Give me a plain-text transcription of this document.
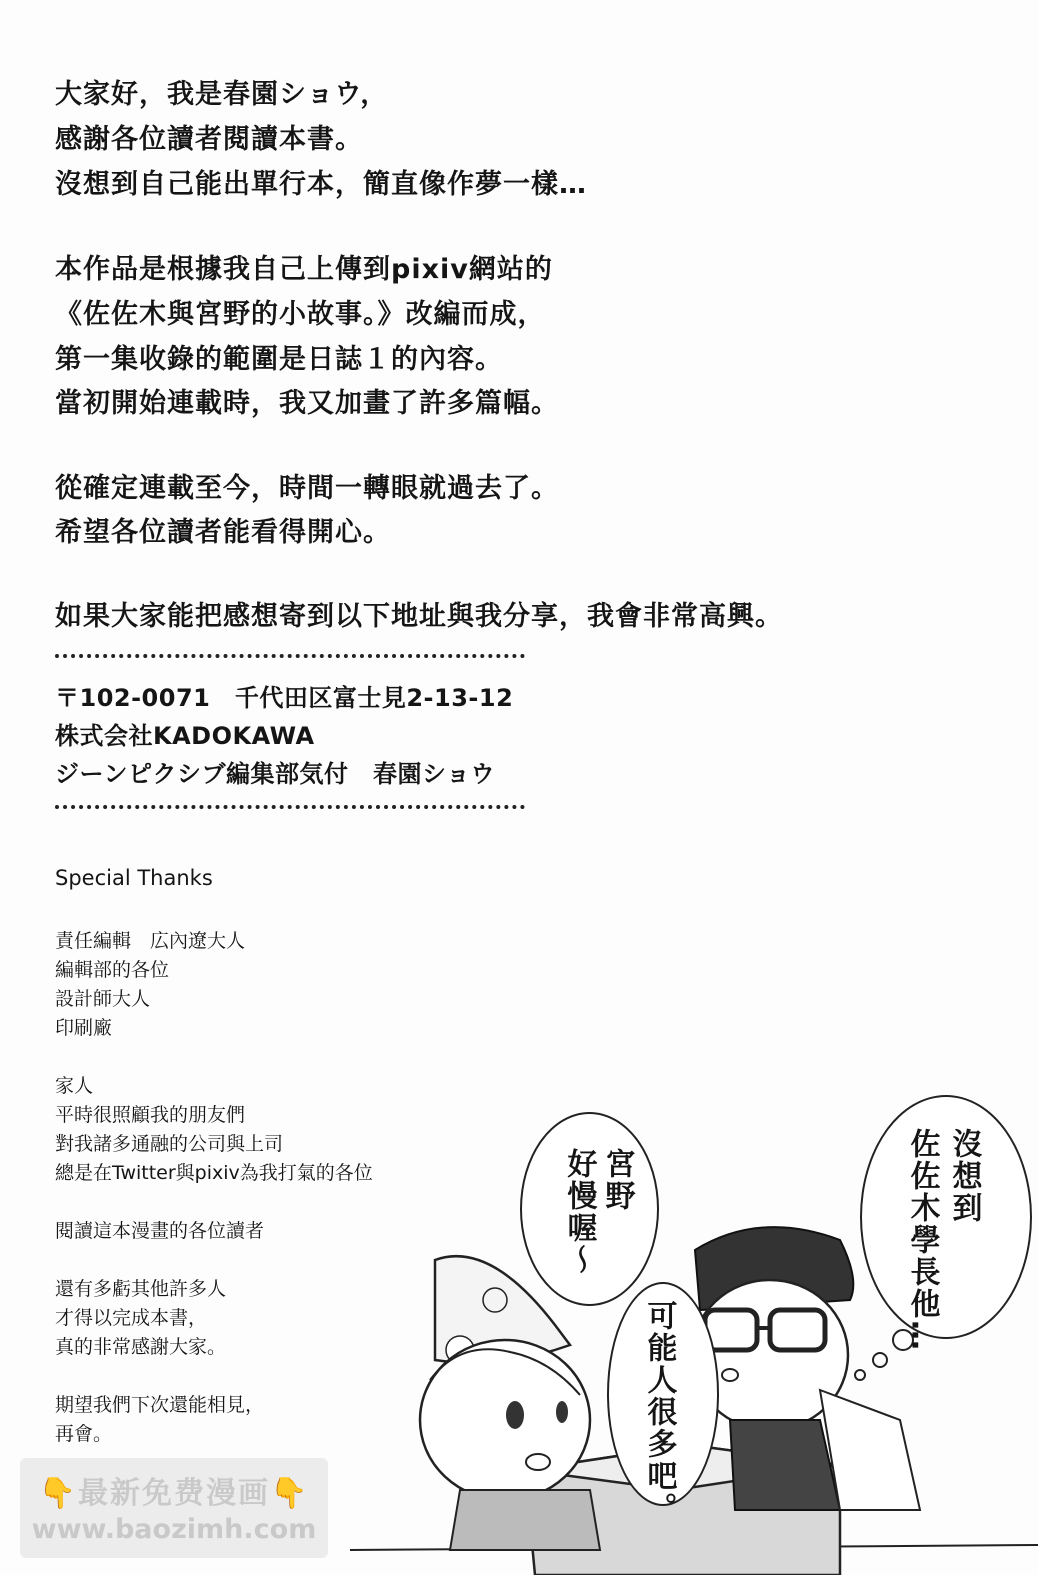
大家好，我是春園ショウ，
感謝各位讀者閱讀本書。
沒想到自己能出單行本，簡直像作夢一樣…
本作品是根據我自己上傳到pixiv網站的
《佐佐木與宮野的小故事。》改編而成，
第一集收錄的範圍是日誌１的內容。
當初開始連載時，我又加畫了許多篇幅。
從確定連載至今，時間一轉眼就過去了。
希望各位讀者能看得開心。
如果大家能把感想寄到以下地址與我分享，我會非常高興。
〒102-0071　千代田区富士見2-13-12
株式会社KADOKAWA
ジーンピクシブ編集部気付　春園ショウ
Special Thanks
責任編輯　広內遼大人
編輯部的各位
設計師大人
印刷廠
家人
平時很照顧我的朋友們
對我諸多通融的公司與上司
總是在Twitter與pixiv為我打氣的各位
閱讀這本漫畫的各位讀者
還有多虧其他許多人
才得以完成本書，
真的非常感謝大家。
期望我們下次還能相見，
再會。
宮野
好慢喔〜	沒想到
佐佐木學長他…
可能人很多吧。
👇最新免费漫画👇
www.baozimh.com
